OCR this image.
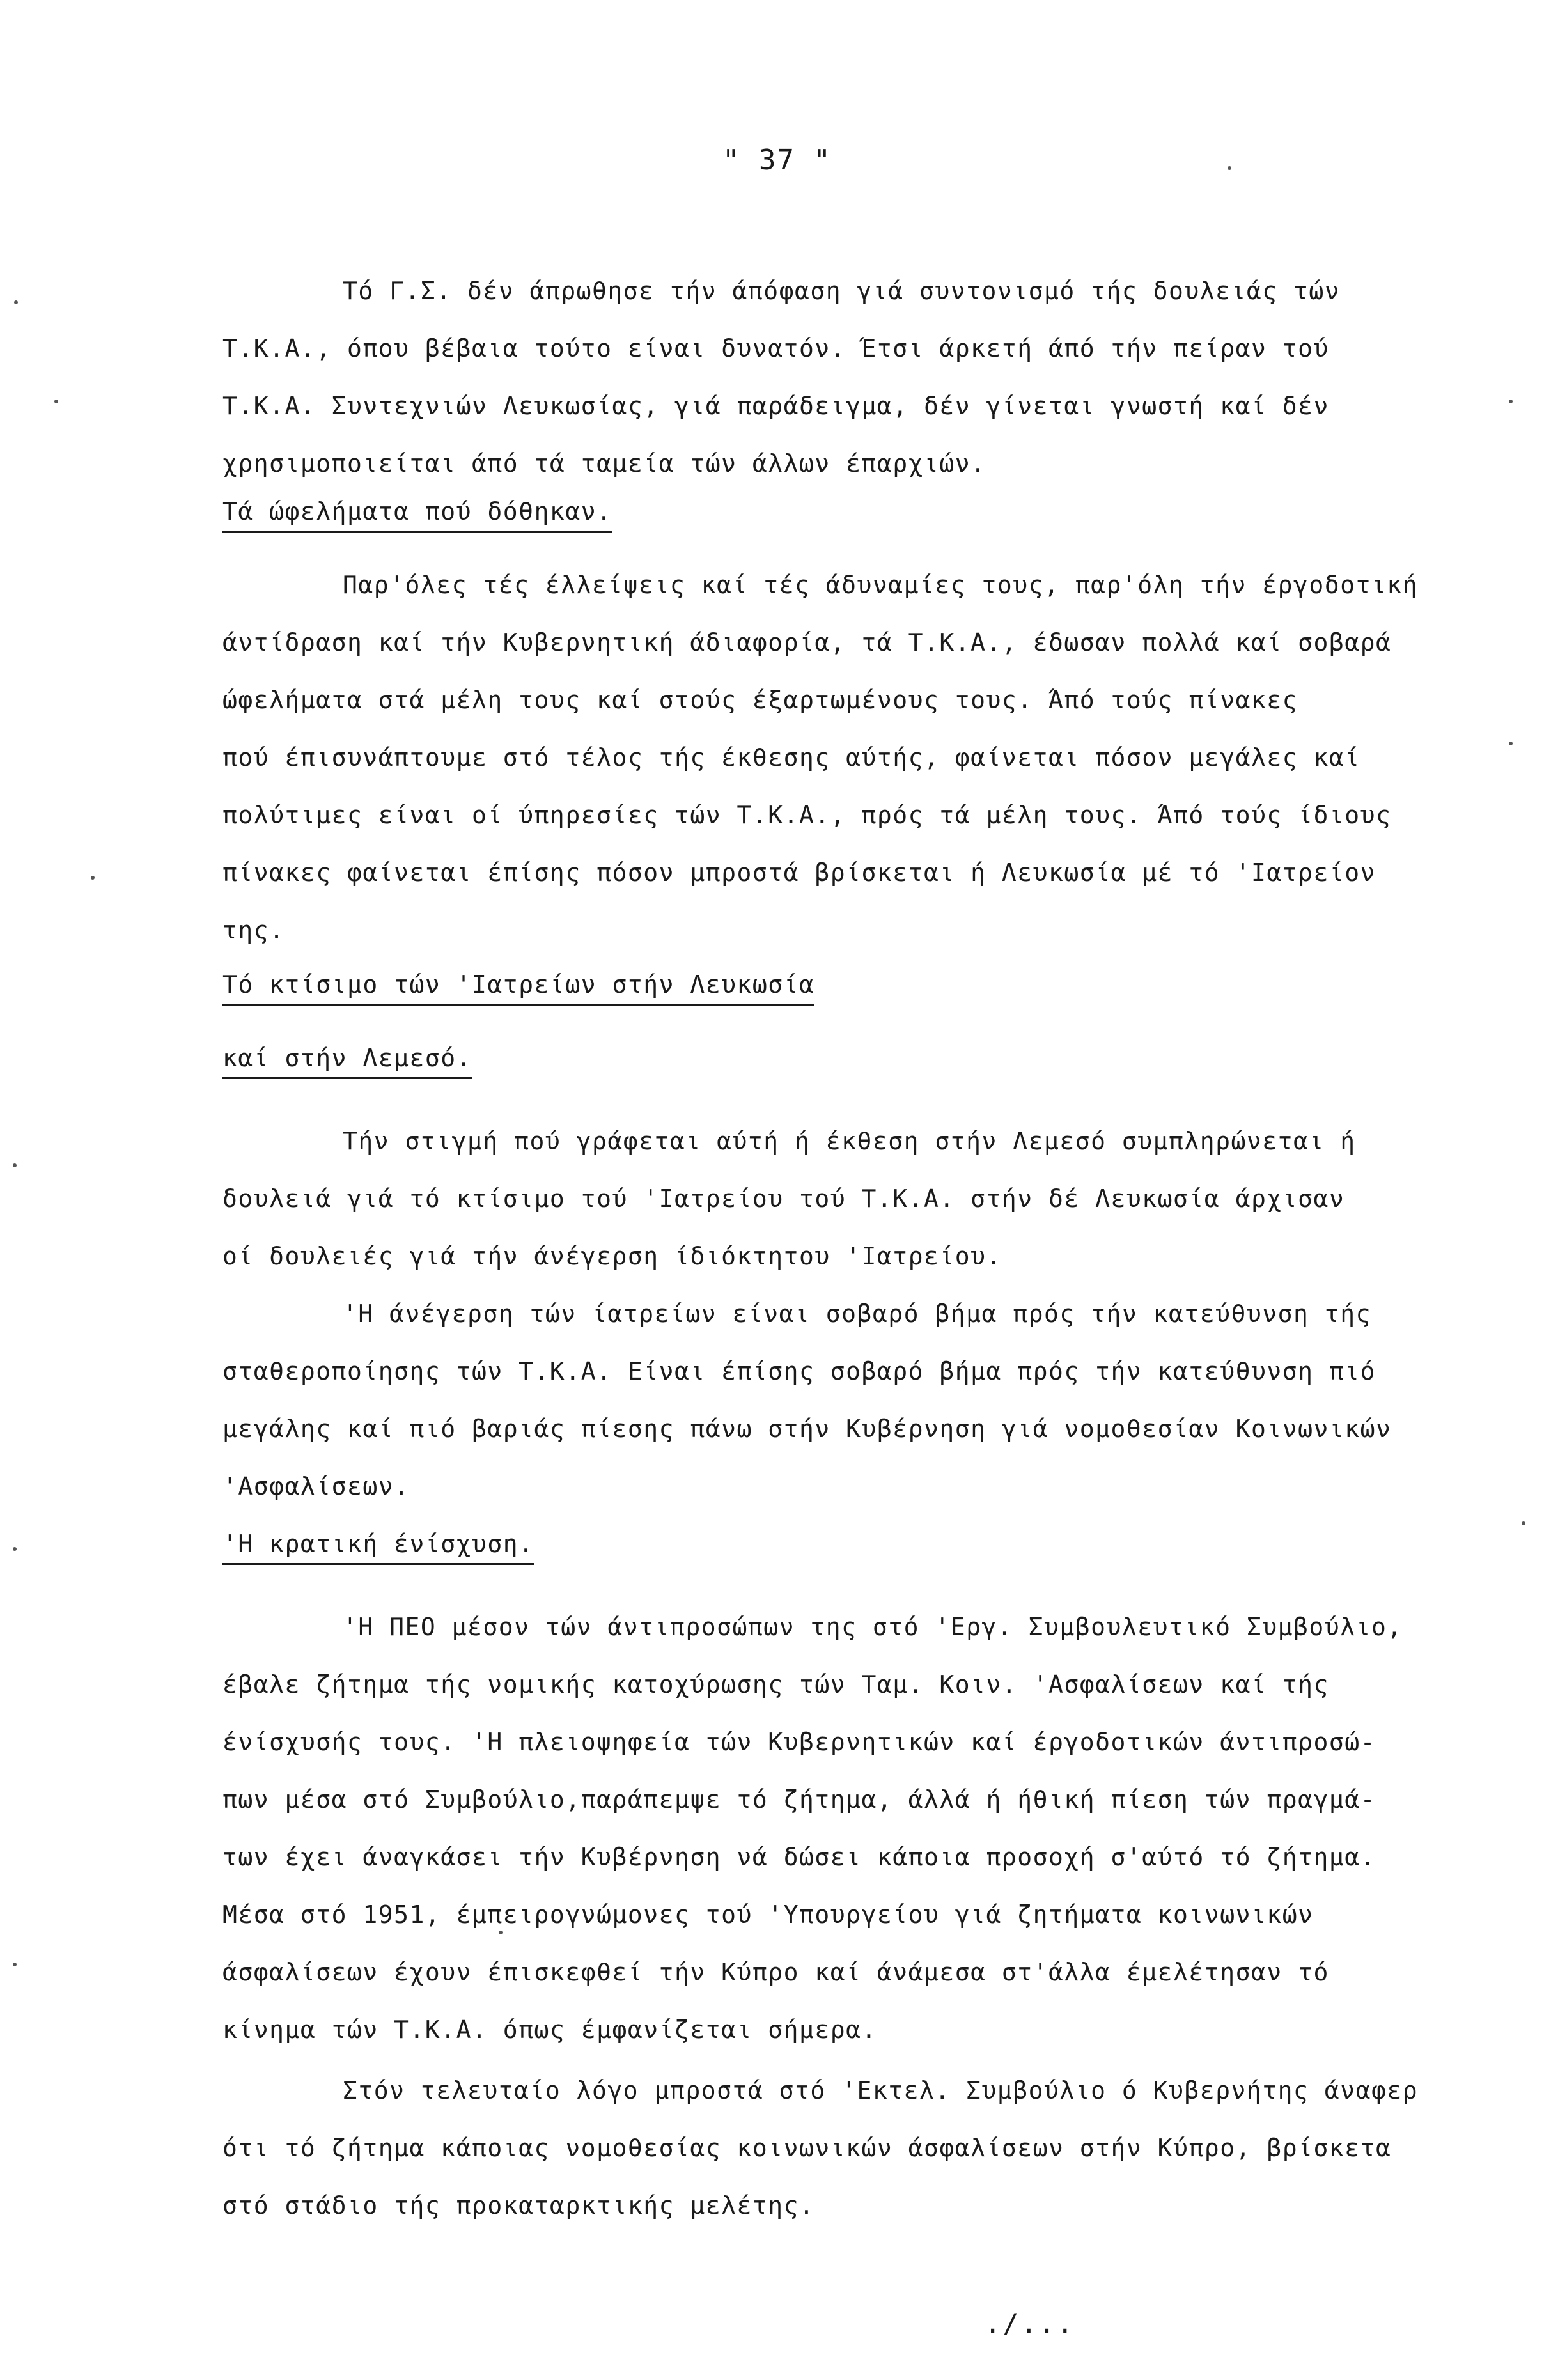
" 37 "
Τό Γ.Σ. δέν άπρωθησε τήν άπόφαση γιά συντονισμό τής δουλειάς τών
Τ.Κ.Α., όπου βέβαια τούτο είναι δυνατόν. Έτσι άρκετή άπό τήν πείραν τού
Τ.Κ.Α. Συντεχνιών Λευκωσίας, γιά παράδειγμα, δέν γίνεται γνωστή καί δέν
χρησιμοποιείται άπό τά ταμεία τών άλλων έπαρχιών.
Τά ώφελήματα πού δόθηκαν.
Παρ'όλες τές έλλείψεις καί τές άδυναμίες τους, παρ'όλη τήν έργοδοτική
άντίδραση καί τήν Κυβερνητική άδιαφορία, τά Τ.Κ.Α., έδωσαν πολλά καί σοβαρά
ώφελήματα στά μέλη τους καί στούς έξαρτωμένους τους. Άπό τούς πίνακες
πού έπισυνάπτουμε στό τέλος τής έκθεσης αύτής, φαίνεται πόσον μεγάλες καί
πολύτιμες είναι οί ύπηρεσίες τών Τ.Κ.Α., πρός τά μέλη τους. Άπό τούς ίδιους
πίνακες φαίνεται έπίσης πόσον μπροστά βρίσκεται ή Λευκωσία μέ τό 'Ιατρείον
της.
Τό κτίσιμο τών 'Ιατρείων στήν Λευκωσία
καί στήν Λεμεσό.
Τήν στιγμή πού γράφεται αύτή ή έκθεση στήν Λεμεσό συμπληρώνεται ή
δουλειά γιά τό κτίσιμο τού 'Ιατρείου τού Τ.Κ.Α. στήν δέ Λευκωσία άρχισαν
οί δουλειές γιά τήν άνέγερση ίδιόκτητου 'Ιατρείου.
'Η άνέγερση τών ίατρείων είναι σοβαρό βήμα πρός τήν κατεύθυνση τής
σταθεροποίησης τών Τ.Κ.Α. Είναι έπίσης σοβαρό βήμα πρός τήν κατεύθυνση πιό
μεγάλης καί πιό βαριάς πίεσης πάνω στήν Κυβέρνηση γιά νομοθεσίαν Κοινωνικών
'Ασφαλίσεων.
'Η κρατική ένίσχυση.
'Η ΠΕΟ μέσον τών άντιπροσώπων της στό 'Εργ. Συμβουλευτικό Συμβούλιο,
έβαλε ζήτημα τής νομικής κατοχύρωσης τών Ταμ. Κοιν. 'Ασφαλίσεων καί τής
ένίσχυσής τους. 'Η πλειοψηφεία τών Κυβερνητικών καί έργοδοτικών άντιπροσώ-
πων μέσα στό Συμβούλιο,παράπεμψε τό ζήτημα, άλλά ή ήθική πίεση τών πραγμά-
των έχει άναγκάσει τήν Κυβέρνηση νά δώσει κάποια προσοχή σ'αύτό τό ζήτημα.
Μέσα στό 1951, έμπειρογνώμονες τού 'Υπουργείου γιά ζητήματα κοινωνικών
άσφαλίσεων έχουν έπισκεφθεί τήν Κύπρο καί άνάμεσα στ'άλλα έμελέτησαν τό
κίνημα τών Τ.Κ.Α. όπως έμφανίζεται σήμερα.
Στόν τελευταίο λόγο μπροστά στό 'Εκτελ. Συμβούλιο ό Κυβερνήτης άναφερ
ότι τό ζήτημα κάποιας νομοθεσίας κοινωνικών άσφαλίσεων στήν Κύπρο, βρίσκετα
στό στάδιο τής προκαταρκτικής μελέτης.
./...
